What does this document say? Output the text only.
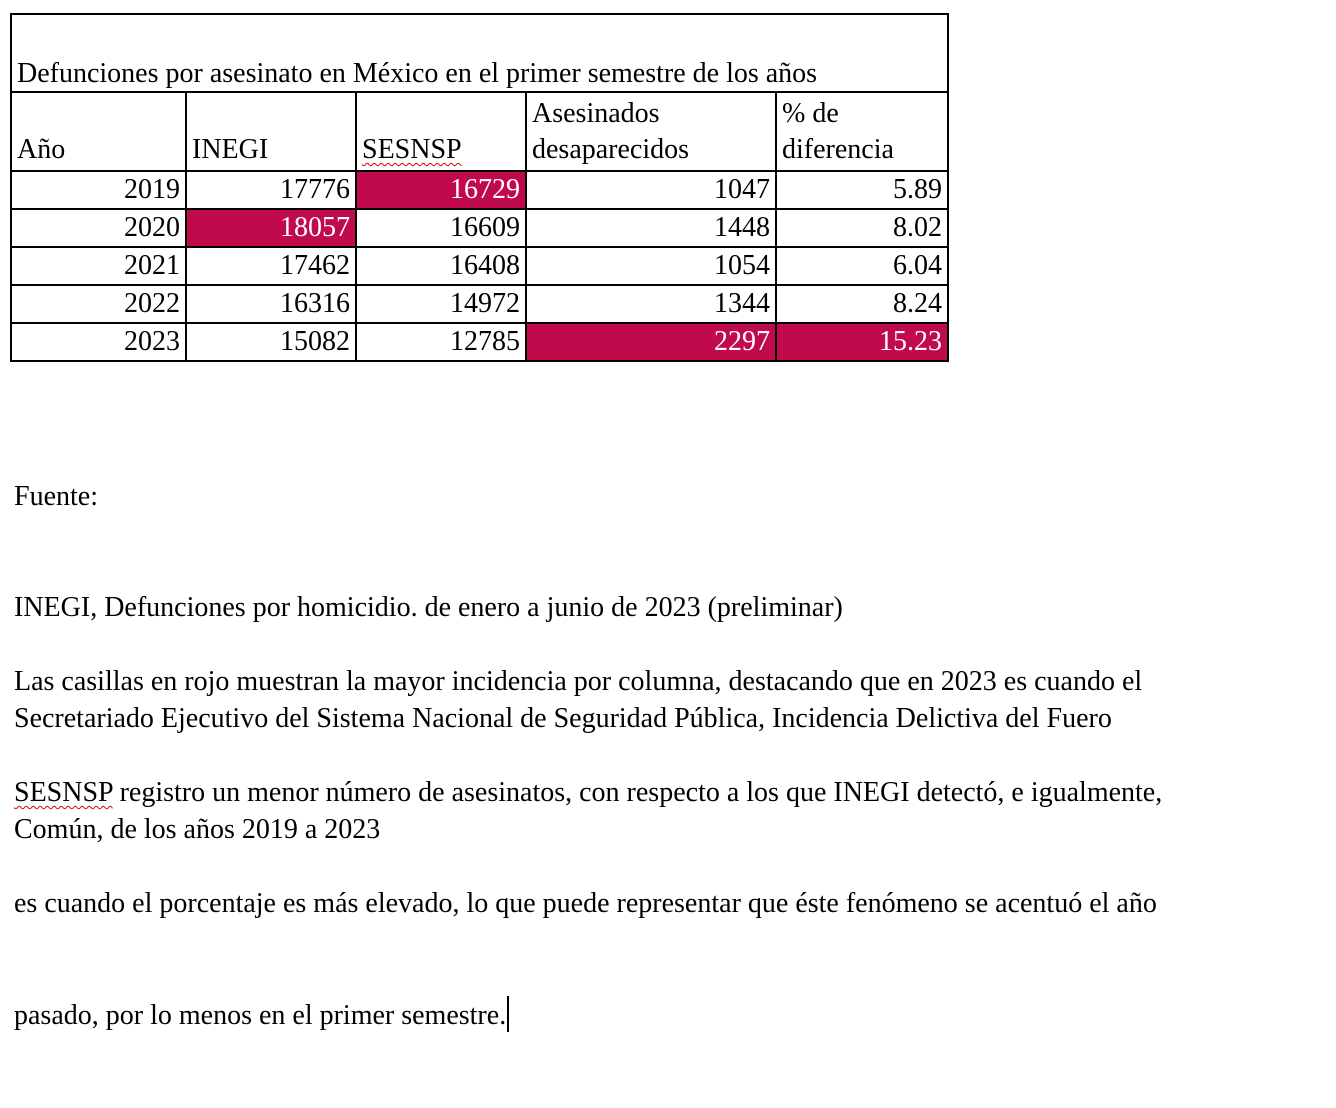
Defunciones por asesinato en México en el primer semestre de los años				
Año	INEGI	SESNSP	Asesinados desaparecidos	% de diferencia
2019	17776	16729	1047	5.89
2020	18057	16609	1448	8.02
2021	17462	16408	1054	6.04
2022	16316	14972	1344	8.24
2023	15082	12785	2297	15.23

Fuente:

INEGI, Defunciones por homicidio. de enero a junio de 2023 (preliminar)

Secretariado Ejecutivo del Sistema Nacional de Seguridad Pública, Incidencia Delictiva del Fuero

Común, de los años 2019 a 2023

Las casillas en rojo muestran la mayor incidencia por columna, destacando que en 2023 es cuando el

SESNSP registro un menor número de asesinatos, con respecto a los que INEGI detectó, e igualmente,

es cuando el porcentaje es más elevado, lo que puede representar que éste fenómeno se acentuó el año

pasado, por lo menos en el primer semestre.
